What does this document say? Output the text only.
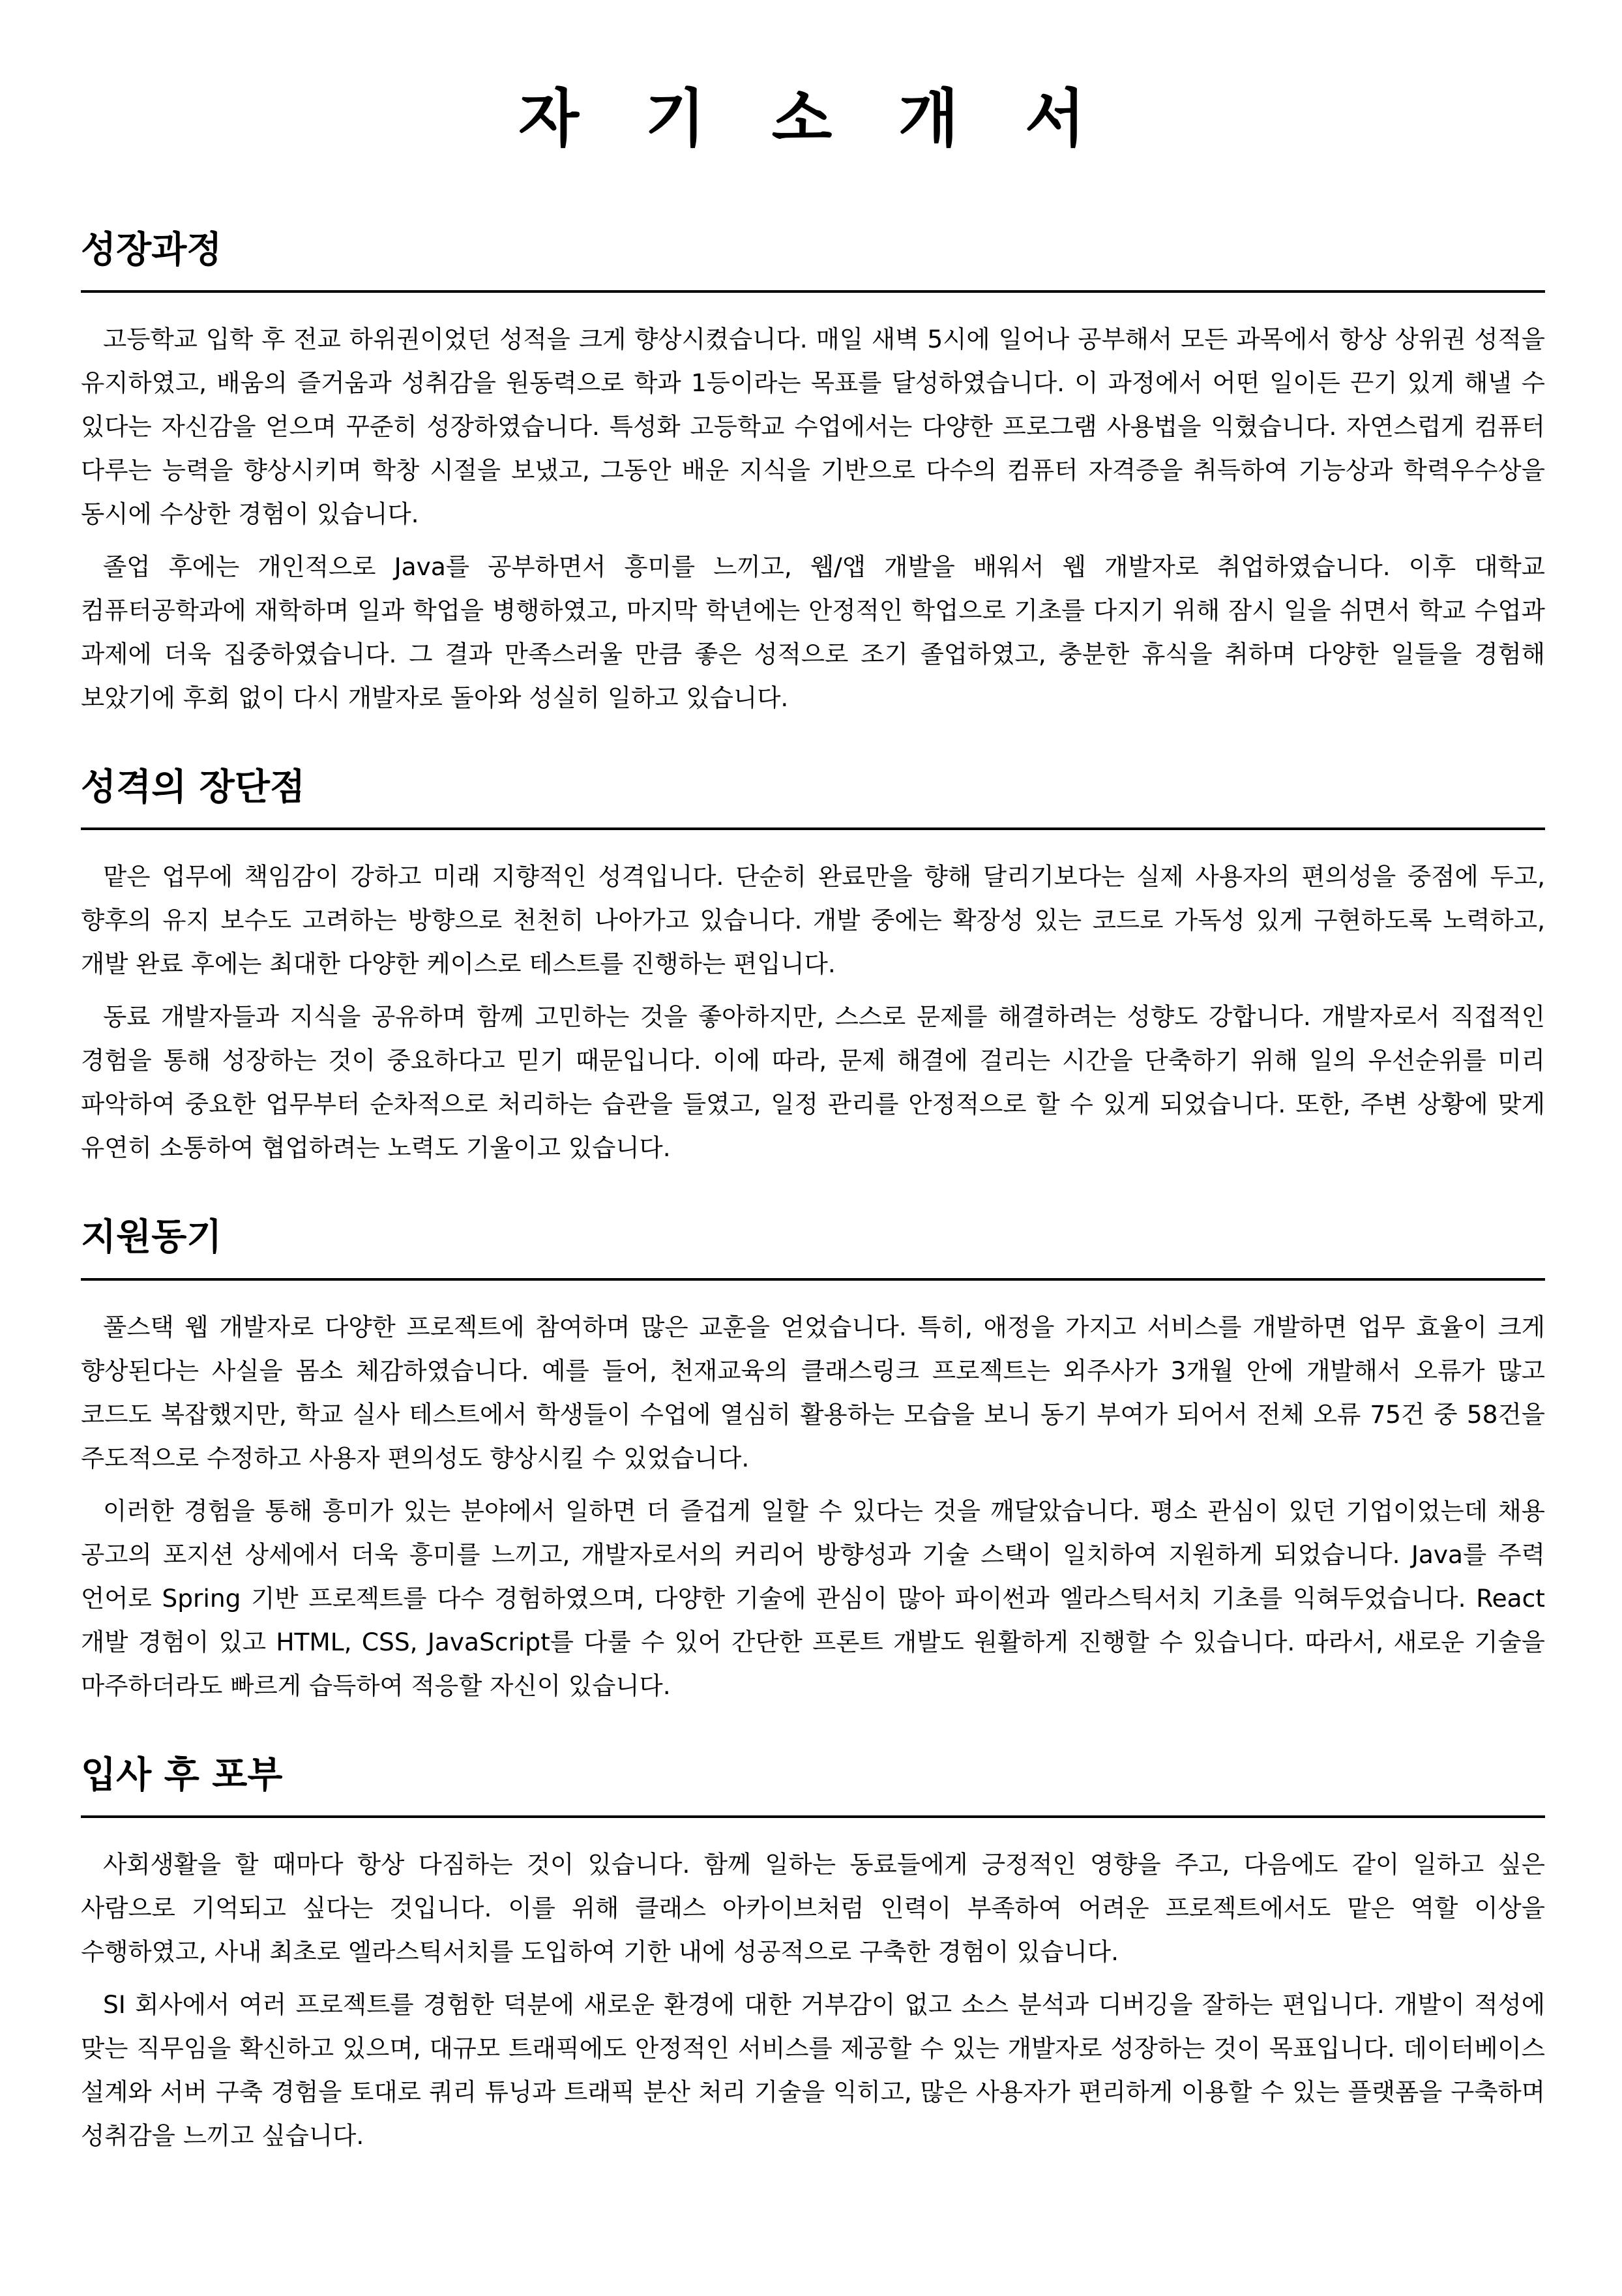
자 기 소 개 서
성장과정

고등학교 입학 후 전교 하위권이었던 성적을 크게 향상시켰습니다. 매일 새벽 5시에 일어나 공부해서 모든 과목에서 항상 상위권 성적을 유지하였고, 배움의 즐거움과 성취감을 원동력으로 학과 1등이라는 목표를 달성하였습니다. 이 과정에서 어떤 일이든 끈기 있게 해낼 수 있다는 자신감을 얻으며 꾸준히 성장하였습니다. 특성화 고등학교 수업에서는 다양한 프로그램 사용법을 익혔습니다. 자연스럽게 컴퓨터 다루는 능력을 향상시키며 학창 시절을 보냈고, 그동안 배운 지식을 기반으로 다수의 컴퓨터 자격증을 취득하여 기능상과 학력우수상을 동시에 수상한 경험이 있습니다.

졸업 후에는 개인적으로 Java를 공부하면서 흥미를 느끼고, 웹/앱 개발을 배워서 웹 개발자로 취업하였습니다. 이후 대학교 컴퓨터공학과에 재학하며 일과 학업을 병행하였고, 마지막 학년에는 안정적인 학업으로 기초를 다지기 위해 잠시 일을 쉬면서 학교 수업과 과제에 더욱 집중하였습니다. 그 결과 만족스러울 만큼 좋은 성적으로 조기 졸업하였고, 충분한 휴식을 취하며 다양한 일들을 경험해 보았기에 후회 없이 다시 개발자로 돌아와 성실히 일하고 있습니다.

성격의 장단점

맡은 업무에 책임감이 강하고 미래 지향적인 성격입니다. 단순히 완료만을 향해 달리기보다는 실제 사용자의 편의성을 중점에 두고, 향후의 유지 보수도 고려하는 방향으로 천천히 나아가고 있습니다. 개발 중에는 확장성 있는 코드로 가독성 있게 구현하도록 노력하고, 개발 완료 후에는 최대한 다양한 케이스로 테스트를 진행하는 편입니다.

동료 개발자들과 지식을 공유하며 함께 고민하는 것을 좋아하지만, 스스로 문제를 해결하려는 성향도 강합니다. 개발자로서 직접적인 경험을 통해 성장하는 것이 중요하다고 믿기 때문입니다. 이에 따라, 문제 해결에 걸리는 시간을 단축하기 위해 일의 우선순위를 미리 파악하여 중요한 업무부터 순차적으로 처리하는 습관을 들였고, 일정 관리를 안정적으로 할 수 있게 되었습니다. 또한, 주변 상황에 맞게 유연히 소통하여 협업하려는 노력도 기울이고 있습니다.

지원동기

풀스택 웹 개발자로 다양한 프로젝트에 참여하며 많은 교훈을 얻었습니다. 특히, 애정을 가지고 서비스를 개발하면 업무 효율이 크게 향상된다는 사실을 몸소 체감하였습니다. 예를 들어, 천재교육의 클래스링크 프로젝트는 외주사가 3개월 안에 개발해서 오류가 많고 코드도 복잡했지만, 학교 실사 테스트에서 학생들이 수업에 열심히 활용하는 모습을 보니 동기 부여가 되어서 전체 오류 75건 중 58건을 주도적으로 수정하고 사용자 편의성도 향상시킬 수 있었습니다.

이러한 경험을 통해 흥미가 있는 분야에서 일하면 더 즐겁게 일할 수 있다는 것을 깨달았습니다. 평소 관심이 있던 기업이었는데 채용 공고의 포지션 상세에서 더욱 흥미를 느끼고, 개발자로서의 커리어 방향성과 기술 스택이 일치하여 지원하게 되었습니다. Java를 주력 언어로 Spring 기반 프로젝트를 다수 경험하였으며, 다양한 기술에 관심이 많아 파이썬과 엘라스틱서치 기초를 익혀두었습니다. React 개발 경험이 있고 HTML, CSS, JavaScript를 다룰 수 있어 간단한 프론트 개발도 원활하게 진행할 수 있습니다. 따라서, 새로운 기술을 마주하더라도 빠르게 습득하여 적응할 자신이 있습니다.

입사 후 포부

사회생활을 할 때마다 항상 다짐하는 것이 있습니다. 함께 일하는 동료들에게 긍정적인 영향을 주고, 다음에도 같이 일하고 싶은 사람으로 기억되고 싶다는 것입니다. 이를 위해 클래스 아카이브처럼 인력이 부족하여 어려운 프로젝트에서도 맡은 역할 이상을 수행하였고, 사내 최초로 엘라스틱서치를 도입하여 기한 내에 성공적으로 구축한 경험이 있습니다.

SI 회사에서 여러 프로젝트를 경험한 덕분에 새로운 환경에 대한 거부감이 없고 소스 분석과 디버깅을 잘하는 편입니다. 개발이 적성에 맞는 직무임을 확신하고 있으며, 대규모 트래픽에도 안정적인 서비스를 제공할 수 있는 개발자로 성장하는 것이 목표입니다. 데이터베이스 설계와 서버 구축 경험을 토대로 쿼리 튜닝과 트래픽 분산 처리 기술을 익히고, 많은 사용자가 편리하게 이용할 수 있는 플랫폼을 구축하며 성취감을 느끼고 싶습니다.
